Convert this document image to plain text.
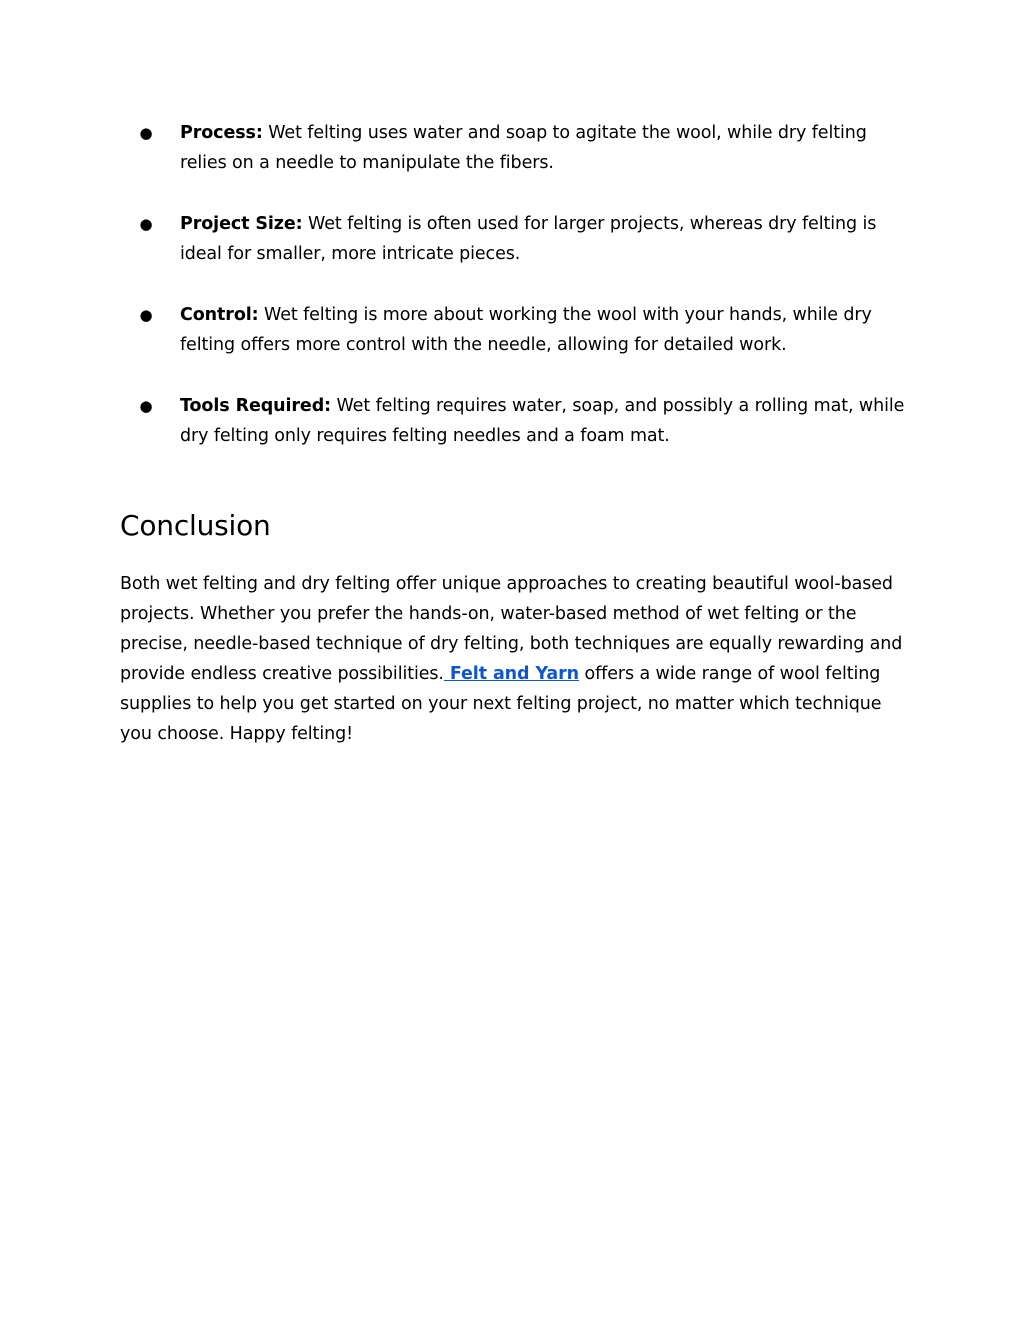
● Process: Wet felting uses water and soap to agitate the wool, while dry felting relies on a needle to manipulate the fibers.
● Project Size: Wet felting is often used for larger projects, whereas dry felting is ideal for smaller, more intricate pieces.
● Control: Wet felting is more about working the wool with your hands, while dry felting offers more control with the needle, allowing for detailed work.
● Tools Required: Wet felting requires water, soap, and possibly a rolling mat, while dry felting only requires felting needles and a foam mat.
Conclusion

Both wet felting and dry felting offer unique approaches to creating beautiful wool-based projects. Whether you prefer the hands-on, water-based method of wet felting or the precise, needle-based technique of dry felting, both techniques are equally rewarding and provide endless creative possibilities. Felt and Yarn offers a wide range of wool felting supplies to help you get started on your next felting project, no matter which technique you choose. Happy felting!
